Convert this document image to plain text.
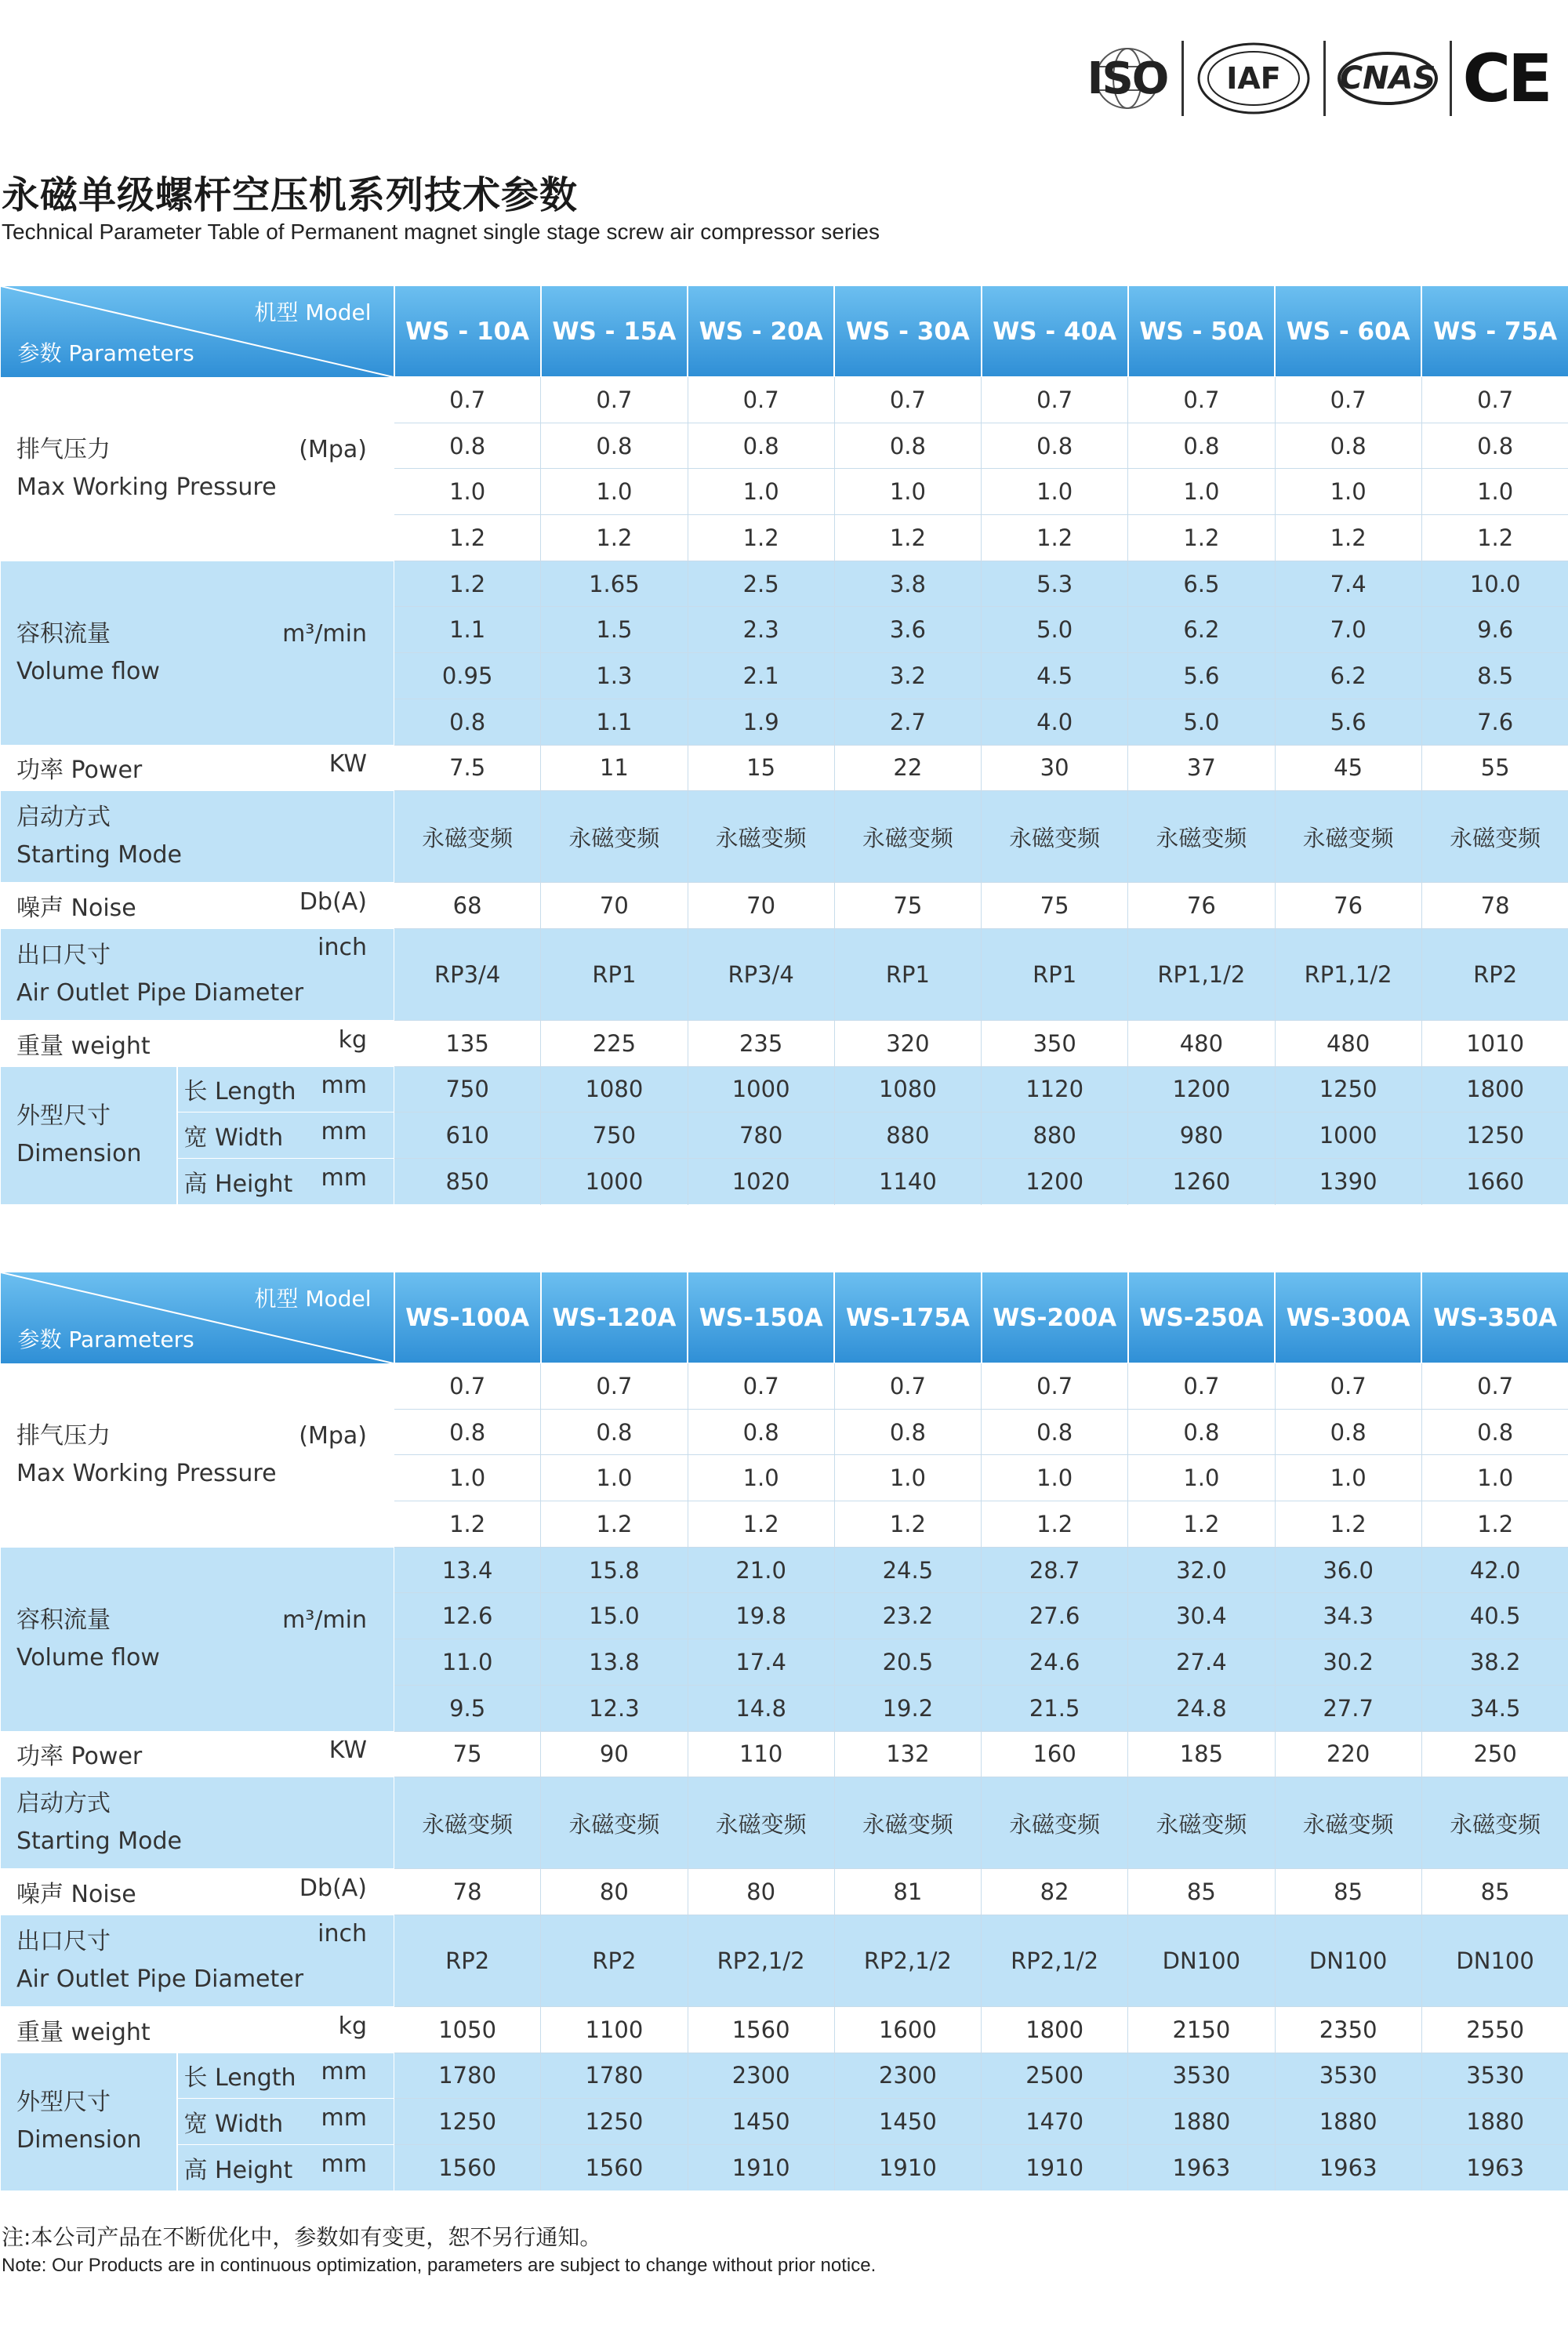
ISO IAF CNAS CE
永磁单级螺杆空压机系列技术参数
Technical Parameter Table of Permanent magnet single stage screw air compressor series
机型 Model
参数 Parameters		WS - 10A	WS - 15A	WS - 20A	WS - 30A	WS - 40A	WS - 50A	WS - 60A	WS - 75A

排气压力 (Mpa)
Max Working Pressure		0.7	0.7	0.7	0.7	0.7	0.7	0.7	0.7
		0.8	0.8	0.8	0.8	0.8	0.8	0.8	0.8
		1.0	1.0	1.0	1.0	1.0	1.0	1.0	1.0
		1.2	1.2	1.2	1.2	1.2	1.2	1.2	1.2

容积流量 m³/min
Volume flow		1.2	1.65	2.5	3.8	5.3	6.5	7.4	10.0
		1.1	1.5	2.3	3.6	5.0	6.2	7.0	9.6
		0.95	1.3	2.1	3.2	4.5	5.6	6.2	8.5
		0.8	1.1	1.9	2.7	4.0	5.0	5.6	7.6
功率 Power KW		7.5	11	15	22	30	37	45	55

启动方式
Starting Mode		永磁变频	永磁变频	永磁变频	永磁变频	永磁变频	永磁变频	永磁变频	永磁变频
噪声 Noise Db(A)		68	70	70	75	75	76	76	78

出口尺寸 inch
Air Outlet Pipe Diameter		RP3/4	RP1	RP3/4	RP1	RP1	RP1,1/2	RP1,1/2	RP2
重量 weight kg		135	225	235	320	350	480	480	1010

外型尺寸
Dimension	长 Length mm	750	1080	1000	1080	1120	1200	1250	1800
	宽 Width mm	610	750	780	880	880	980	1000	1250
	高 Height mm	850	1000	1020	1140	1200	1260	1390	1660

机型 Model
参数 Parameters		WS-100A	WS-120A	WS-150A	WS-175A	WS-200A	WS-250A	WS-300A	WS-350A

排气压力 (Mpa)
Max Working Pressure		0.7	0.7	0.7	0.7	0.7	0.7	0.7	0.7
		0.8	0.8	0.8	0.8	0.8	0.8	0.8	0.8
		1.0	1.0	1.0	1.0	1.0	1.0	1.0	1.0
		1.2	1.2	1.2	1.2	1.2	1.2	1.2	1.2

容积流量 m³/min
Volume flow		13.4	15.8	21.0	24.5	28.7	32.0	36.0	42.0
		12.6	15.0	19.8	23.2	27.6	30.4	34.3	40.5
		11.0	13.8	17.4	20.5	24.6	27.4	30.2	38.2
		9.5	12.3	14.8	19.2	21.5	24.8	27.7	34.5
功率 Power KW		75	90	110	132	160	185	220	250

启动方式
Starting Mode		永磁变频	永磁变频	永磁变频	永磁变频	永磁变频	永磁变频	永磁变频	永磁变频
噪声 Noise Db(A)		78	80	80	81	82	85	85	85

出口尺寸 inch
Air Outlet Pipe Diameter		RP2	RP2	RP2,1/2	RP2,1/2	RP2,1/2	DN100	DN100	DN100
重量 weight kg		1050	1100	1560	1600	1800	2150	2350	2550

外型尺寸
Dimension	长 Length mm	1780	1780	2300	2300	2500	3530	3530	3530
	宽 Width mm	1250	1250	1450	1450	1470	1880	1880	1880
	高 Height mm	1560	1560	1910	1910	1910	1963	1963	1963
注:本公司产品在不断优化中，参数如有变更，恕不另行通知。
Note: Our Products are in continuous optimization, parameters are subject to change without prior notice.
